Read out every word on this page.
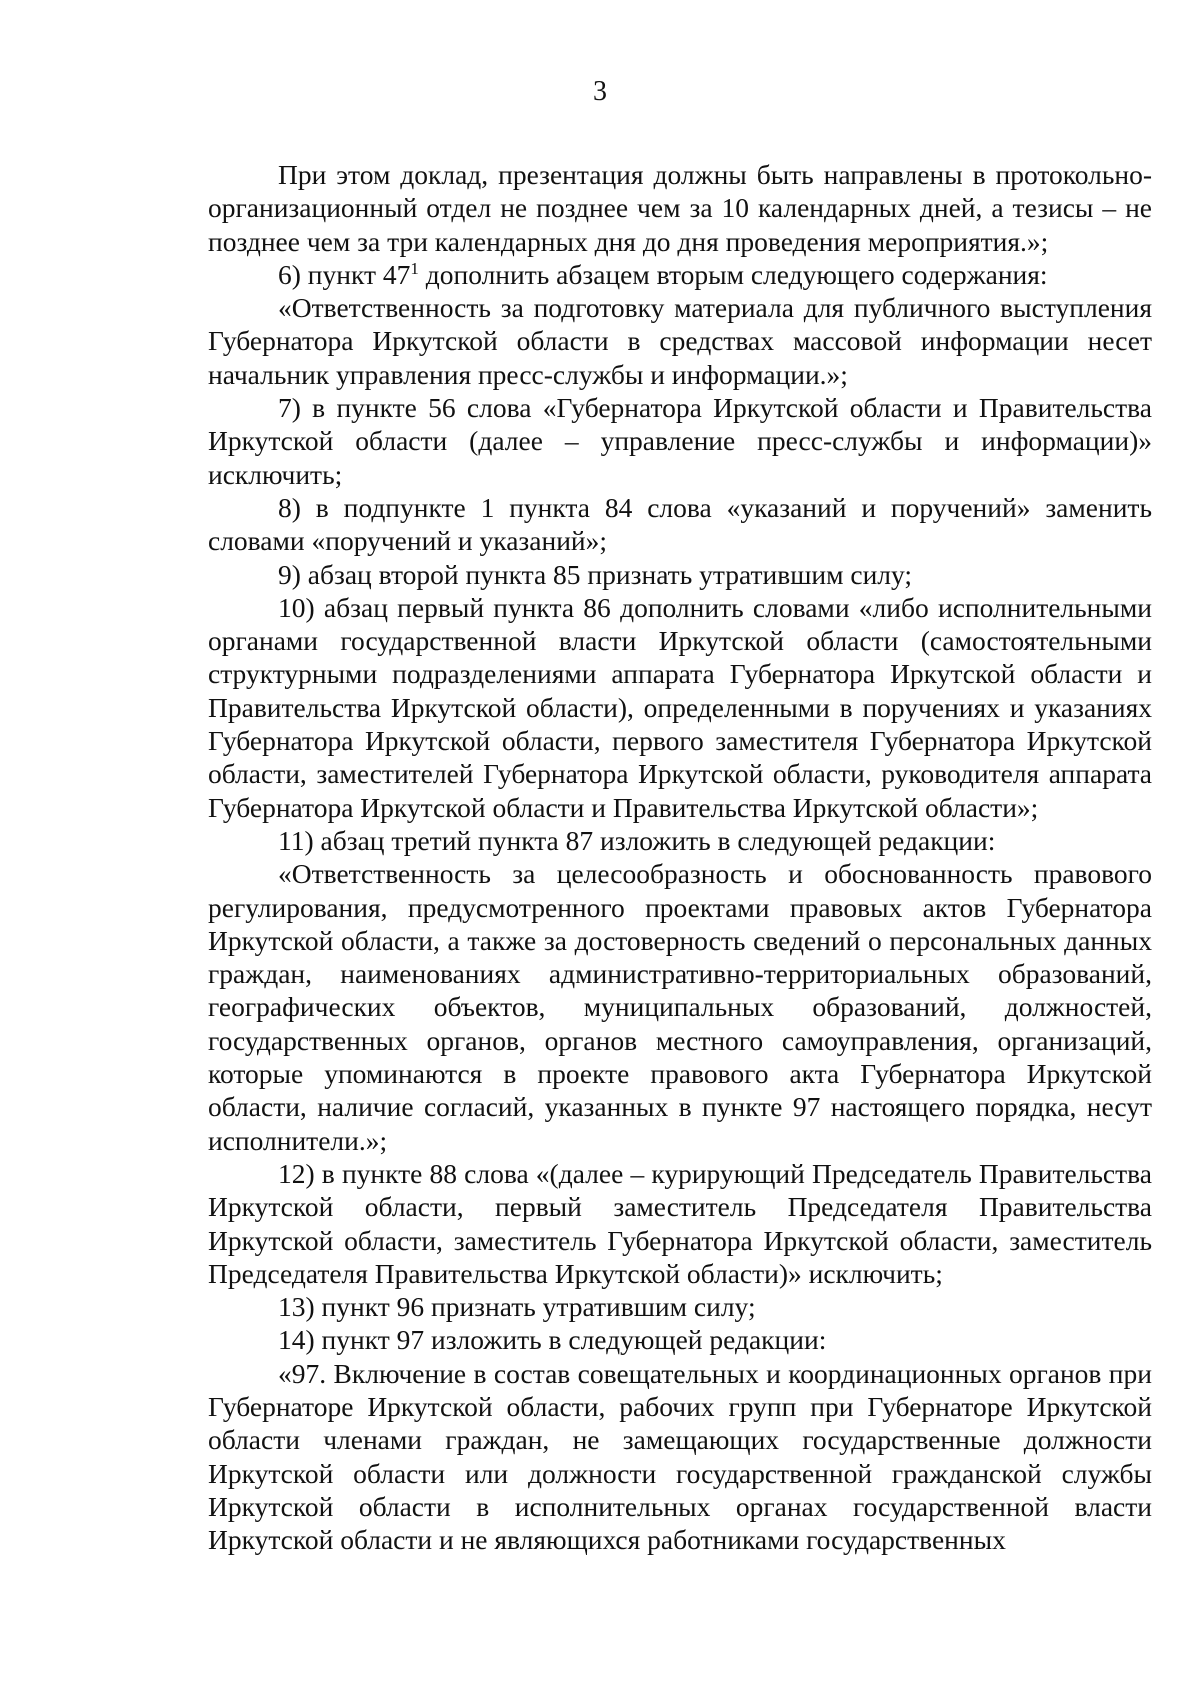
3

При этом доклад, презентация должны быть направлены в протокольно-организационный отдел не позднее чем за 10 календарных дней, а тезисы – не позднее чем за три календарных дня до дня проведения мероприятия.»;

6) пункт $47^1$ дополнить абзацем вторым следующего содержания:

«Ответственность за подготовку материала для публичного выступления Губернатора Иркутской области в средствах массовой информации несет начальник управления пресс-службы и информации.»;

7) в пункте 56 слова «Губернатора Иркутской области и Правительства Иркутской области (далее – управление пресс-службы и информации)» исключить;

8) в подпункте 1 пункта 84 слова «указаний и поручений» заменить словами «поручений и указаний»;

9) абзац второй пункта 85 признать утратившим силу;

10) абзац первый пункта 86 дополнить словами «либо исполнительными органами государственной власти Иркутской области (самостоятельными структурными подразделениями аппарата Губернатора Иркутской области и Правительства Иркутской области), определенными в поручениях и указаниях Губернатора Иркутской области, первого заместителя Губернатора Иркутской области, заместителей Губернатора Иркутской области, руководителя аппарата Губернатора Иркутской области и Правительства Иркутской области»;

11) абзац третий пункта 87 изложить в следующей редакции:

«Ответственность за целесообразность и обоснованность правового регулирования, предусмотренного проектами правовых актов Губернатора Иркутской области, а также за достоверность сведений о персональных данных граждан, наименованиях административно-территориальных образований, географических объектов, муниципальных образований, должностей, государственных органов, органов местного самоуправления, организаций, которые упоминаются в проекте правового акта Губернатора Иркутской области, наличие согласий, указанных в пункте 97 настоящего порядка, несут исполнители.»;

12) в пункте 88 слова «(далее – курирующий Председатель Правительства Иркутской области, первый заместитель Председателя Правительства Иркутской области, заместитель Губернатора Иркутской области, заместитель Председателя Правительства Иркутской области)» исключить;

13) пункт 96 признать утратившим силу;

14) пункт 97 изложить в следующей редакции:

«97. Включение в состав совещательных и координационных органов при Губернаторе Иркутской области, рабочих групп при Губернаторе Иркутской области членами граждан, не замещающих государственные должности Иркутской области или должности государственной гражданской службы Иркутской области в исполнительных органах государственной власти Иркутской области и не являющихся работниками государственных
